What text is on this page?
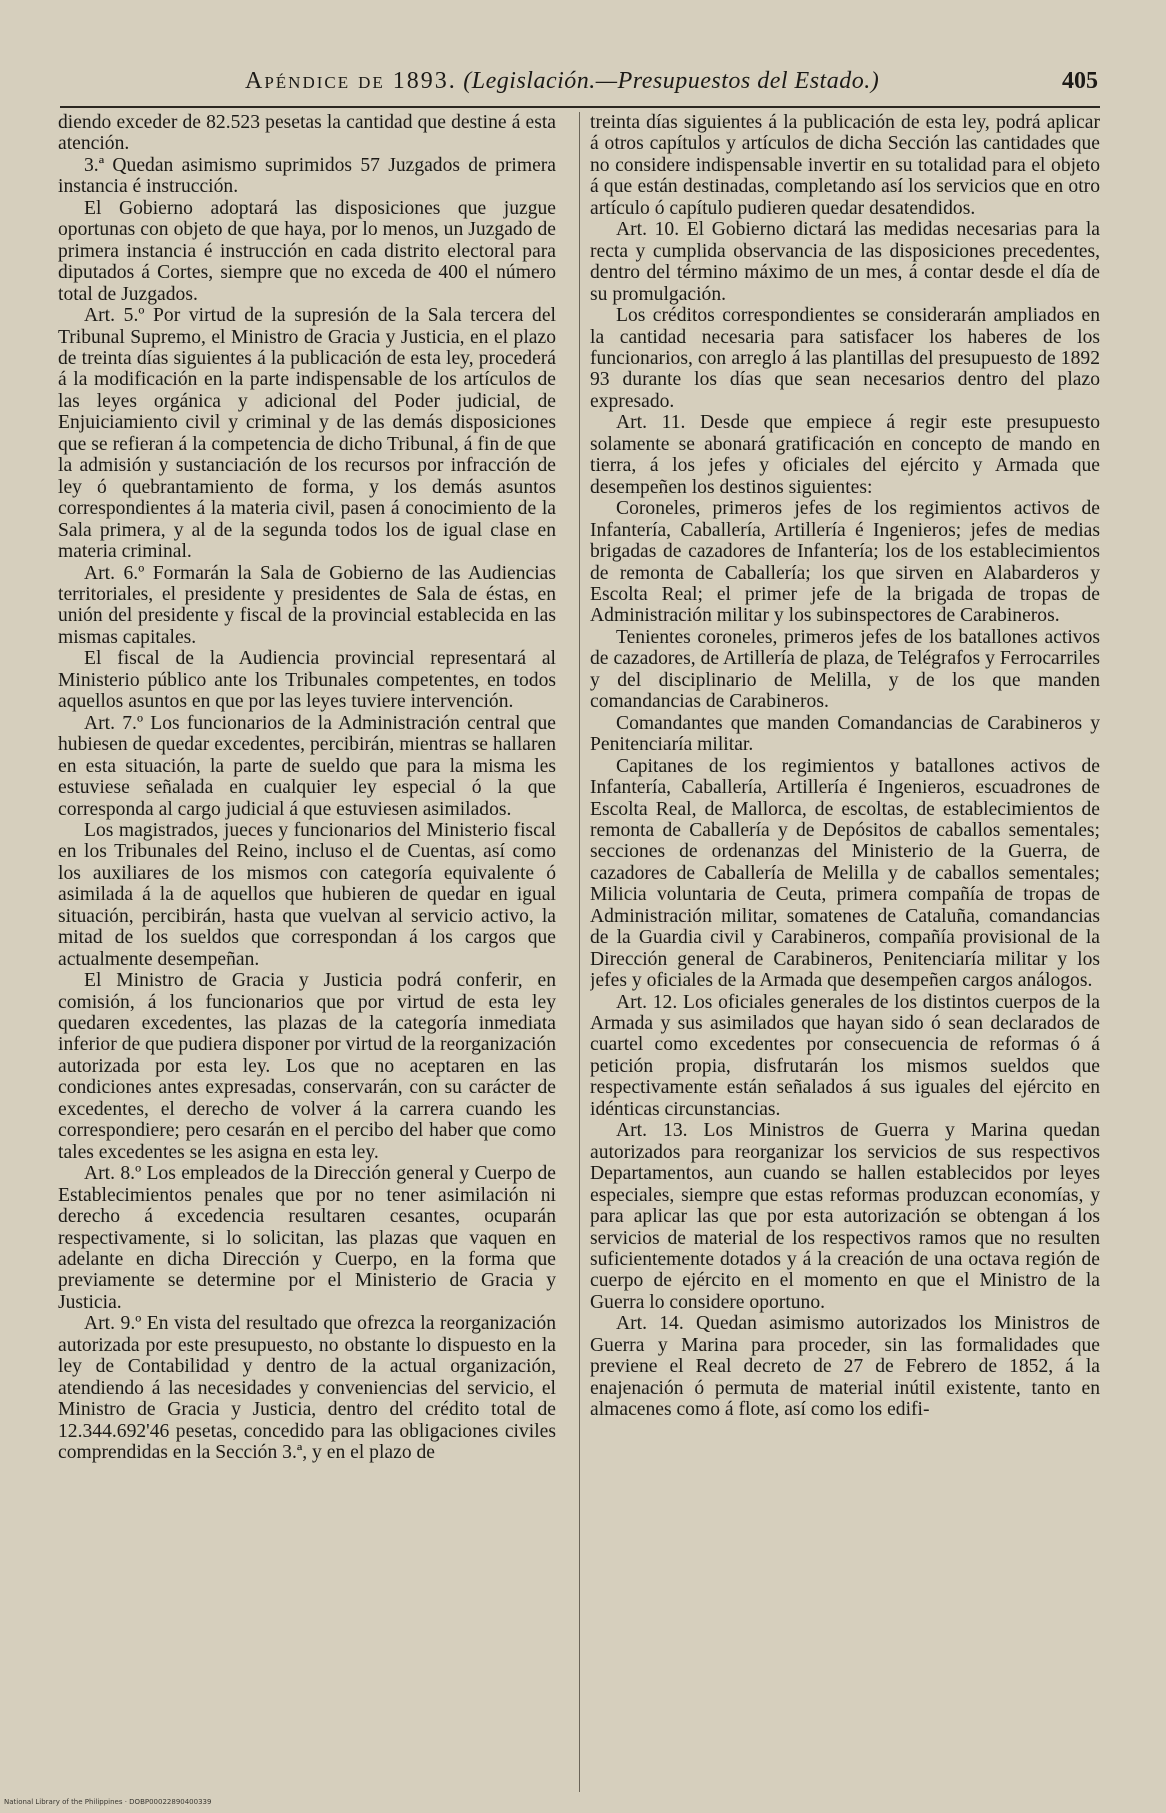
Apéndice de 1893. (Legislación.—Presupuestos del Estado.)	405

diendo exceder de 82.523 pesetas la cantidad que destine á esta atención.

3.ª Quedan asimismo suprimidos 57 Juzgados de primera instancia é instrucción.

El Gobierno adoptará las disposiciones que juzgue oportunas con objeto de que haya, por lo menos, un Juzgado de primera instancia é instrucción en cada distrito electoral para diputados á Cortes, siempre que no exceda de 400 el número total de Juzgados.

Art. 5.º Por virtud de la supresión de la Sala tercera del Tribunal Supremo, el Ministro de Gracia y Justicia, en el plazo de treinta días siguientes á la publicación de esta ley, procederá á la modificación en la parte indispensable de los artículos de las leyes orgánica y adicional del Poder judicial, de Enjuiciamiento civil y criminal y de las demás disposiciones que se refieran á la competencia de dicho Tribunal, á fin de que la admisión y sustanciación de los recursos por infracción de ley ó quebrantamiento de forma, y los demás asuntos correspondientes á la materia civil, pasen á conocimiento de la Sala primera, y al de la segunda todos los de igual clase en materia criminal.

Art. 6.º Formarán la Sala de Gobierno de las Audiencias territoriales, el presidente y presidentes de Sala de éstas, en unión del presidente y fiscal de la provincial establecida en las mismas capitales.

El fiscal de la Audiencia provincial representará al Ministerio público ante los Tribunales competentes, en todos aquellos asuntos en que por las leyes tuviere intervención.

Art. 7.º Los funcionarios de la Administración central que hubiesen de quedar excedentes, percibirán, mientras se hallaren en esta situación, la parte de sueldo que para la misma les estuviese señalada en cualquier ley especial ó la que corresponda al cargo judicial á que estuviesen asimilados.

Los magistrados, jueces y funcionarios del Ministerio fiscal en los Tribunales del Reino, incluso el de Cuentas, así como los auxiliares de los mismos con categoría equivalente ó asimilada á la de aquellos que hubieren de quedar en igual situación, percibirán, hasta que vuelvan al servicio activo, la mitad de los sueldos que correspondan á los cargos que actualmente desempeñan.

El Ministro de Gracia y Justicia podrá conferir, en comisión, á los funcionarios que por virtud de esta ley quedaren excedentes, las plazas de la categoría inmediata inferior de que pudiera disponer por virtud de la reorganización autorizada por esta ley. Los que no aceptaren en las condiciones antes expresadas, conservarán, con su carácter de excedentes, el derecho de volver á la carrera cuando les correspondiere; pero cesarán en el percibo del haber que como tales excedentes se les asigna en esta ley.

Art. 8.º Los empleados de la Dirección general y Cuerpo de Establecimientos penales que por no tener asimilación ni derecho á excedencia resultaren cesantes, ocuparán respectivamente, si lo solicitan, las plazas que vaquen en adelante en dicha Dirección y Cuerpo, en la forma que previamente se determine por el Ministerio de Gracia y Justicia.

Art. 9.º En vista del resultado que ofrezca la reorganización autorizada por este presupuesto, no obstante lo dispuesto en la ley de Contabilidad y dentro de la actual organización, atendiendo á las necesidades y conveniencias del servicio, el Ministro de Gracia y Justicia, dentro del crédito total de 12.344.692'46 pesetas, concedido para las obligaciones civiles comprendidas en la Sección 3.ª, y en el plazo de

treinta días siguientes á la publicación de esta ley, podrá aplicar á otros capítulos y artículos de dicha Sección las cantidades que no considere indispensable invertir en su totalidad para el objeto á que están destinadas, completando así los servicios que en otro artículo ó capítulo pudieren quedar desatendidos.

Art. 10. El Gobierno dictará las medidas necesarias para la recta y cumplida observancia de las disposiciones precedentes, dentro del término máximo de un mes, á contar desde el día de su promulgación.

Los créditos correspondientes se considerarán ampliados en la cantidad necesaria para satisfacer los haberes de los funcionarios, con arreglo á las plantillas del presupuesto de 1892 93 durante los días que sean necesarios dentro del plazo expresado.

Art. 11. Desde que empiece á regir este presupuesto solamente se abonará gratificación en concepto de mando en tierra, á los jefes y oficiales del ejército y Armada que desempeñen los destinos siguientes:

Coroneles, primeros jefes de los regimientos activos de Infantería, Caballería, Artillería é Ingenieros; jefes de medias brigadas de cazadores de Infantería; los de los establecimientos de remonta de Caballería; los que sirven en Alabarderos y Escolta Real; el primer jefe de la brigada de tropas de Administración militar y los subinspectores de Carabineros.

Tenientes coroneles, primeros jefes de los batallones activos de cazadores, de Artillería de plaza, de Telégrafos y Ferrocarriles y del disciplinario de Melilla, y de los que manden comandancias de Carabineros.

Comandantes que manden Comandancias de Carabineros y Penitenciaría militar.

Capitanes de los regimientos y batallones activos de Infantería, Caballería, Artillería é Ingenieros, escuadrones de Escolta Real, de Mallorca, de escoltas, de establecimientos de remonta de Caballería y de Depósitos de caballos sementales; secciones de ordenanzas del Ministerio de la Guerra, de cazadores de Caballería de Melilla y de caballos sementales; Milicia voluntaria de Ceuta, primera compañía de tropas de Administración militar, somatenes de Cataluña, comandancias de la Guardia civil y Carabineros, compañía provisional de la Dirección general de Carabineros, Penitenciaría militar y los jefes y oficiales de la Armada que desempeñen cargos análogos.

Art. 12. Los oficiales generales de los distintos cuerpos de la Armada y sus asimilados que hayan sido ó sean declarados de cuartel como excedentes por consecuencia de reformas ó á petición propia, disfrutarán los mismos sueldos que respectivamente están señalados á sus iguales del ejército en idénticas circunstancias.

Art. 13. Los Ministros de Guerra y Marina quedan autorizados para reorganizar los servicios de sus respectivos Departamentos, aun cuando se hallen establecidos por leyes especiales, siempre que estas reformas produzcan economías, y para aplicar las que por esta autorización se obtengan á los servicios de material de los respectivos ramos que no resulten suficientemente dotados y á la creación de una octava región de cuerpo de ejército en el momento en que el Ministro de la Guerra lo considere oportuno.

Art. 14. Quedan asimismo autorizados los Ministros de Guerra y Marina para proceder, sin las formalidades que previene el Real decreto de 27 de Febrero de 1852, á la enajenación ó permuta de material inútil existente, tanto en almacenes como á flote, así como los edifi-

National Library of the Philippines · DOBP00022890400339
